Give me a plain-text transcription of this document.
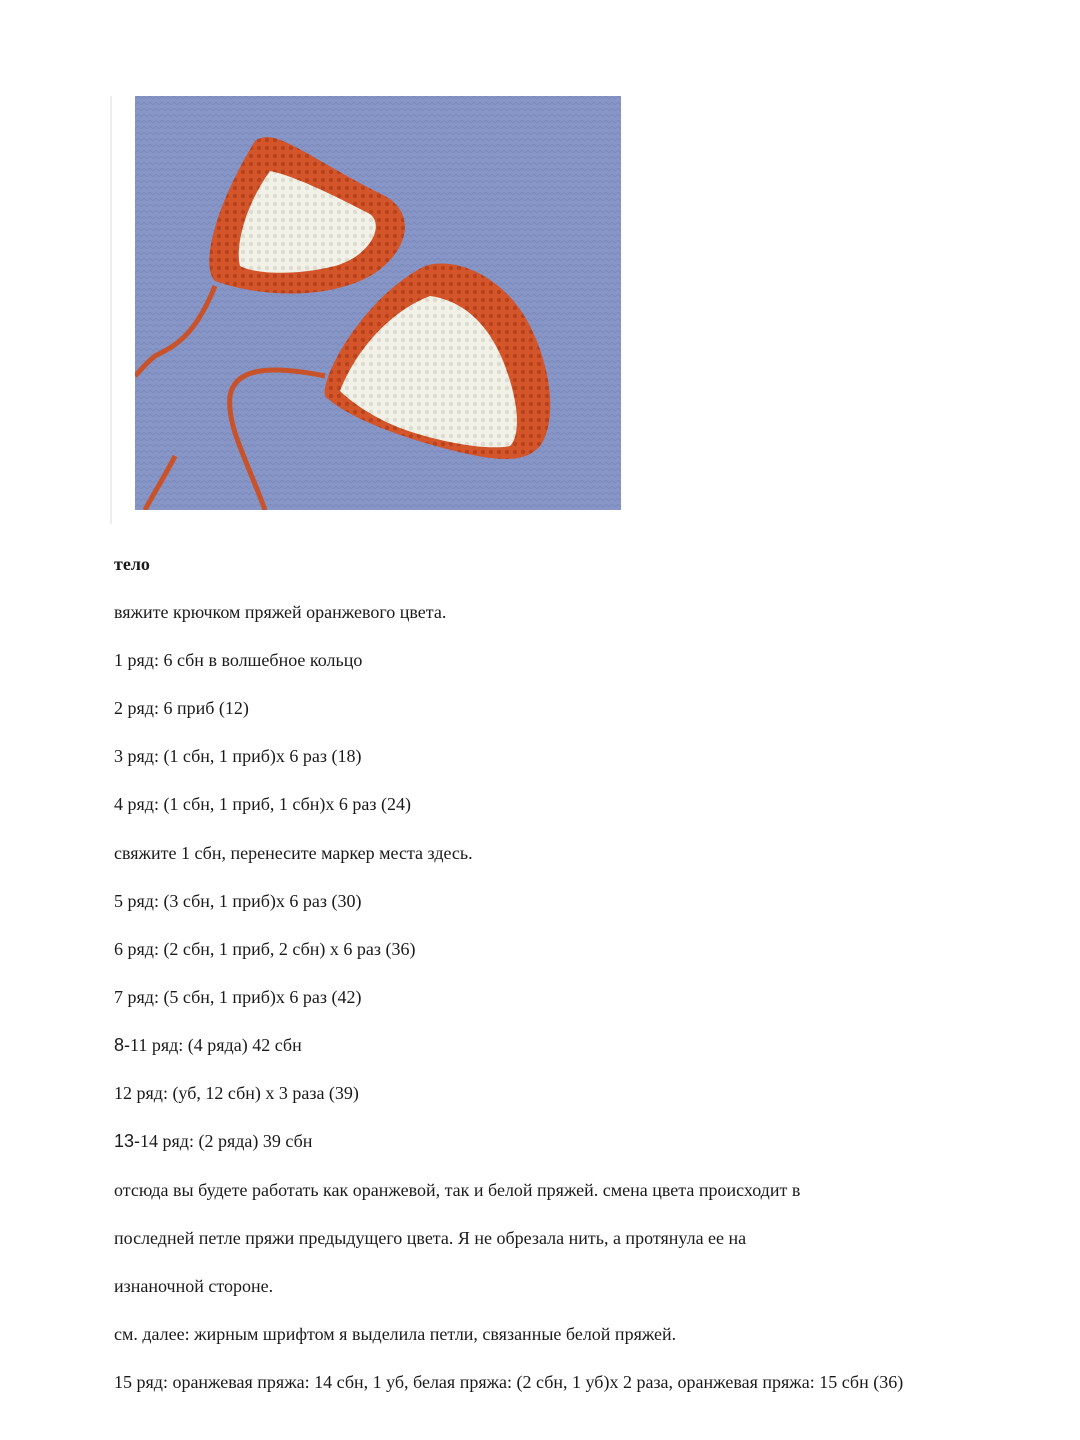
тело
вяжите крючком пряжей оранжевого цвета.
1 ряд: 6 сбн в волшебное кольцо
2 ряд: 6 приб (12)
3 ряд: (1 сбн, 1 приб)х 6 раз (18)
4 ряд: (1 сбн, 1 приб, 1 сбн)х 6 раз (24)
свяжите 1 сбн, перенесите маркер места здесь.
5 ряд: (3 сбн, 1 приб)х 6 раз (30)
6 ряд: (2 сбн, 1 приб, 2 сбн) х 6 раз (36)
7 ряд: (5 сбн, 1 приб)х 6 раз (42)
8-11 ряд: (4 ряда) 42 сбн
12 ряд: (уб, 12 сбн) х 3 раза (39)
13-14 ряд: (2 ряда) 39 сбн
отсюда вы будете работать как оранжевой, так и белой пряжей. смена цвета происходит в
последней петле пряжи предыдущего цвета. Я не обрезала нить, а протянула ее на
изнаночной стороне.
см. далее: жирным шрифтом я выделила петли, связанные белой пряжей.
15 ряд: оранжевая пряжа: 14 сбн, 1 уб, белая пряжа: (2 сбн, 1 уб)х 2 раза, оранжевая пряжа: 15 сбн (36)
